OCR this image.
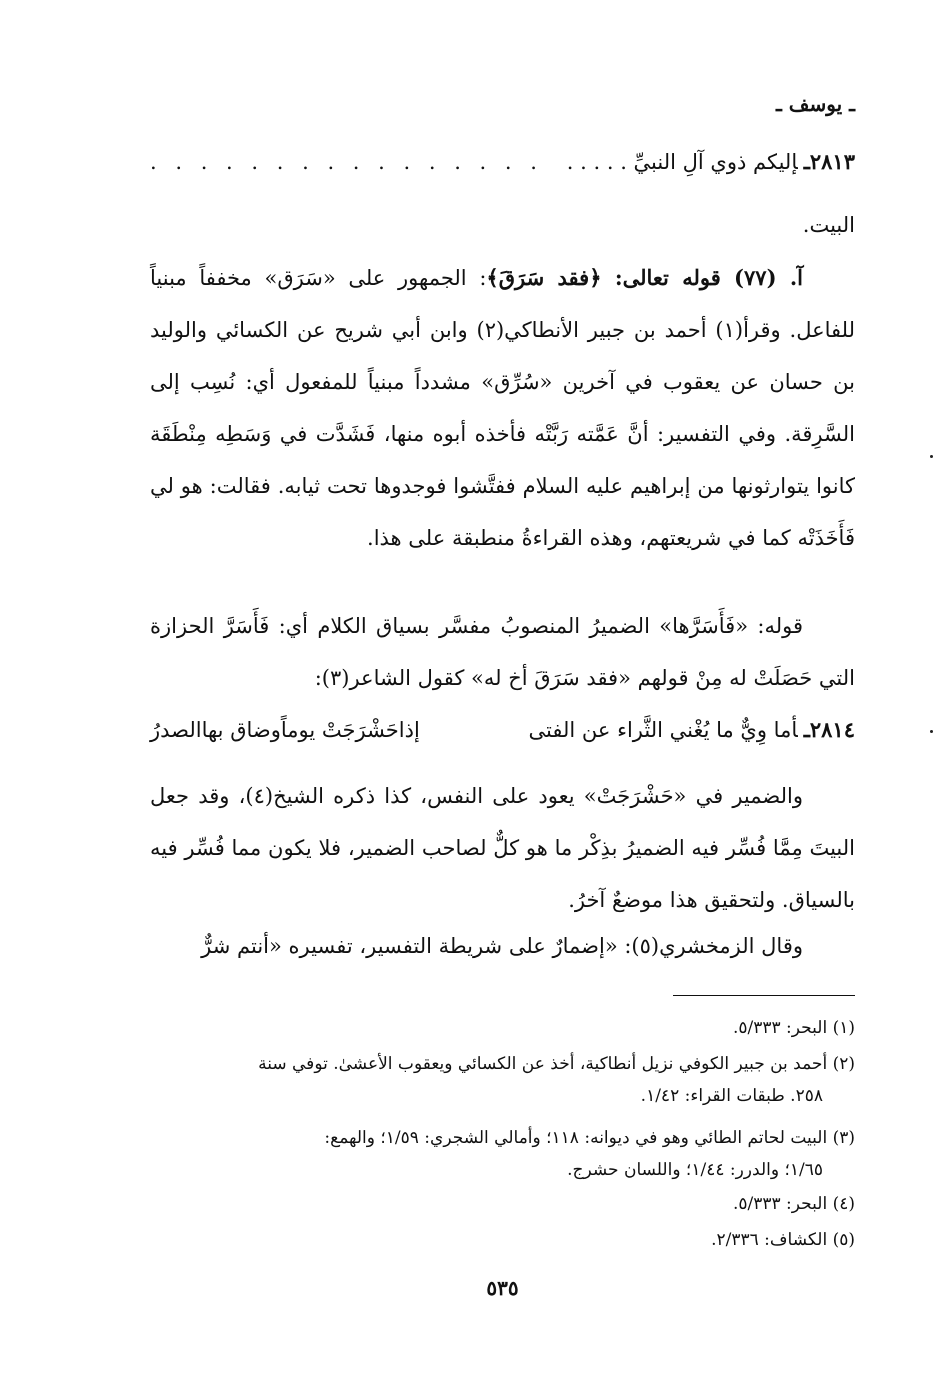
ـ يوسف ـ
٢٨١٣ـإليكم ذوي آلِ النبيِّ . . . . .
. . . . . . . . . . . . . . . .
البيت.
آ. (٧٧) قوله تعالى: ﴿فقد سَرَقَ﴾: الجمهور على «سَرَق» مخففاً مبنياً للفاعل. وقرأ(١) أحمد بن جبير الأنطاكي(٢) وابن أبي شريح عن الكسائي والوليد بن حسان عن يعقوب في آخرين «سُرِّق» مشدداً مبنياً للمفعول أي: نُسِب إلى السَّرِقة. وفي التفسير: أنَّ عَمَّته رَبَّتْه فأخذه أبوه منها، فَشَدَّت في وَسَطِه مِنْطَقَة كانوا يتوارثونها من إبراهيم عليه السلام ففتَّشوا فوجدوها تحت ثيابه. فقالت: هو لي فَأَخَذَتْه كما في شريعتهم، وهذه القراءةُ منطبقة على هذا.
قوله: «فَأَسَرَّها» الضميرُ المنصوبُ مفسَّر بسياق الكلام أي: فَأَسَرَّ الحزازة التي حَصَلَتْ له مِنْ قولهم «فقد سَرَقَ أخ له» كقول الشاعر(٣):
٢٨١٤ـأما وِيٌّ ما يُغْني الثَّراء عن الفتى
إذاحَشْرَجَتْ يوماًوضاق بهاالصدرُ
والضمير في «حَشْرَجَتْ» يعود على النفس، كذا ذكره الشيخ(٤)، وقد جعل البيتَ مِمَّا فُسِّر فيه الضميرُ بذِكْر ما هو كلٌّ لصاحب الضمير، فلا يكون مما فُسِّر فيه بالسياق. ولتحقيق هذا موضعٌ آخرُ.
وقال الزمخشري(٥): «إضمارٌ على شريطة التفسير، تفسيره «أنتم شرٌّ
(١) البحر: ٥/٣٣٣.
(٢) أحمد بن جبير الكوفي نزيل أنطاكية، أخذ عن الكسائي ويعقوب الأعشىٰ. توفي سنة
٢٥٨. طبقات القراء: ١/٤٢.
(٣) البيت لحاتم الطائي وهو في ديوانه: ١١٨؛ وأمالي الشجري: ١/٥٩؛ والهمع:
١/٦٥؛ والدرر: ١/٤٤؛ واللسان حشرج.
(٤) البحر: ٥/٣٣٣.
(٥) الكشاف: ٢/٣٣٦.
٥٣٥
